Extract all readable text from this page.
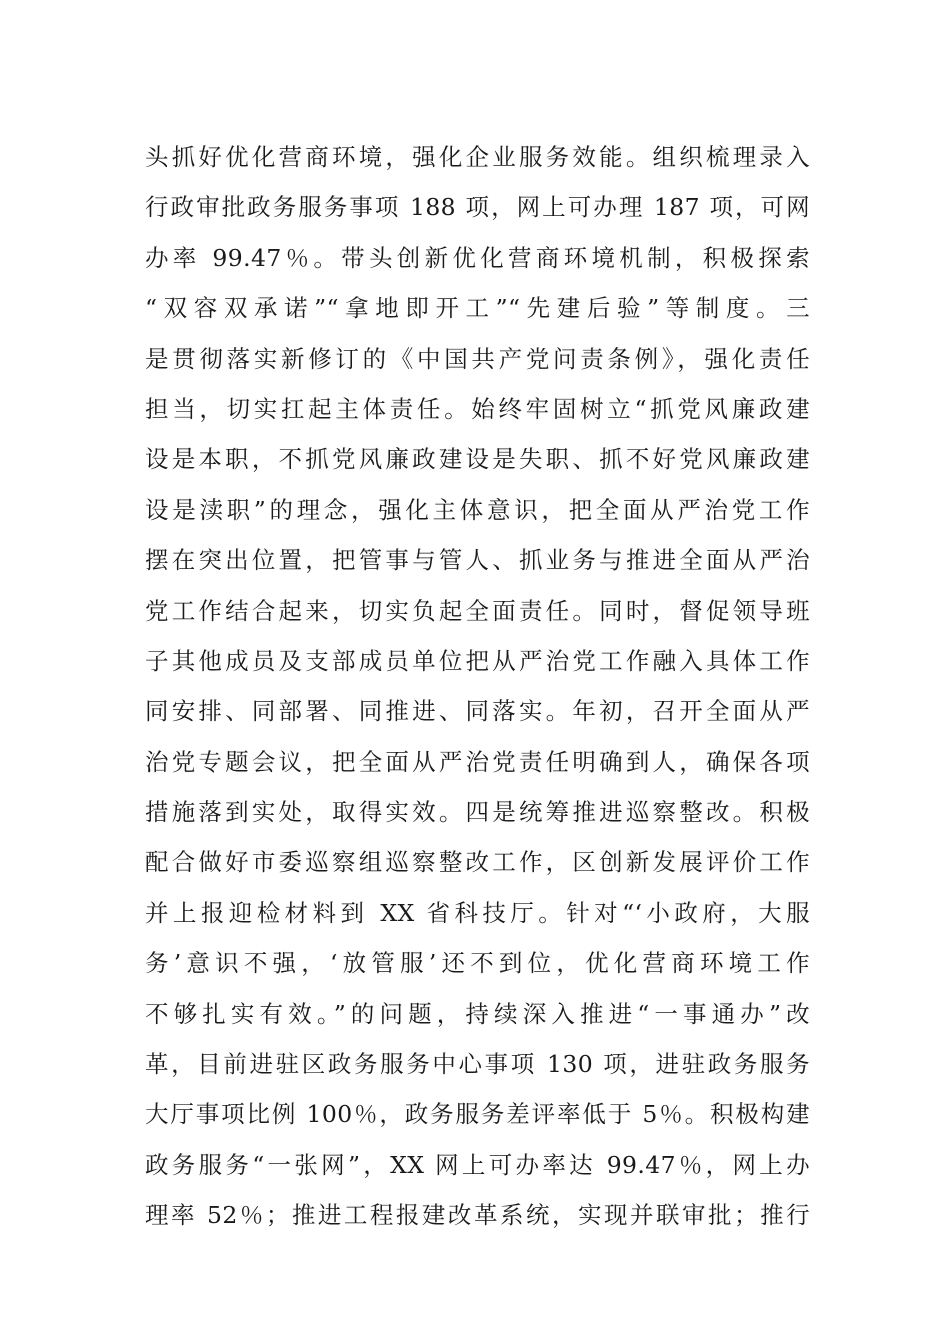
头抓好优化营商环境，强化企业服务效能。组织梳理录入
行政审批政务服务事项 188 项，网上可办理 187 项，可网
办率 99.47％。带头创新优化营商环境机制，积极探索
“双容双承诺”“拿地即开工”“先建后验”等制度。三
是贯彻落实新修订的《中国共产党问责条例》，强化责任
担当，切实扛起主体责任。始终牢固树立“抓党风廉政建
设是本职，不抓党风廉政建设是失职、抓不好党风廉政建
设是渎职”的理念，强化主体意识，把全面从严治党工作
摆在突出位置，把管事与管人、抓业务与推进全面从严治
党工作结合起来，切实负起全面责任。同时，督促领导班
子其他成员及支部成员单位把从严治党工作融入具体工作
同安排、同部署、同推进、同落实。年初，召开全面从严
治党专题会议，把全面从严治党责任明确到人，确保各项
措施落到实处，取得实效。四是统筹推进巡察整改。积极
配合做好市委巡察组巡察整改工作，区创新发展评价工作
并上报迎检材料到 XX 省科技厅。针对“‘小政府，大服
务’意识不强，‘放管服’还不到位，优化营商环境工作
不够扎实有效。”的问题，持续深入推进“一事通办”改
革，目前进驻区政务服务中心事项 130 项，进驻政务服务
大厅事项比例 100％，政务服务差评率低于 5％。积极构建
政务服务“一张网”，XX 网上可办率达 99.47％，网上办
理率 52％；推进工程报建改革系统，实现并联审批；推行
